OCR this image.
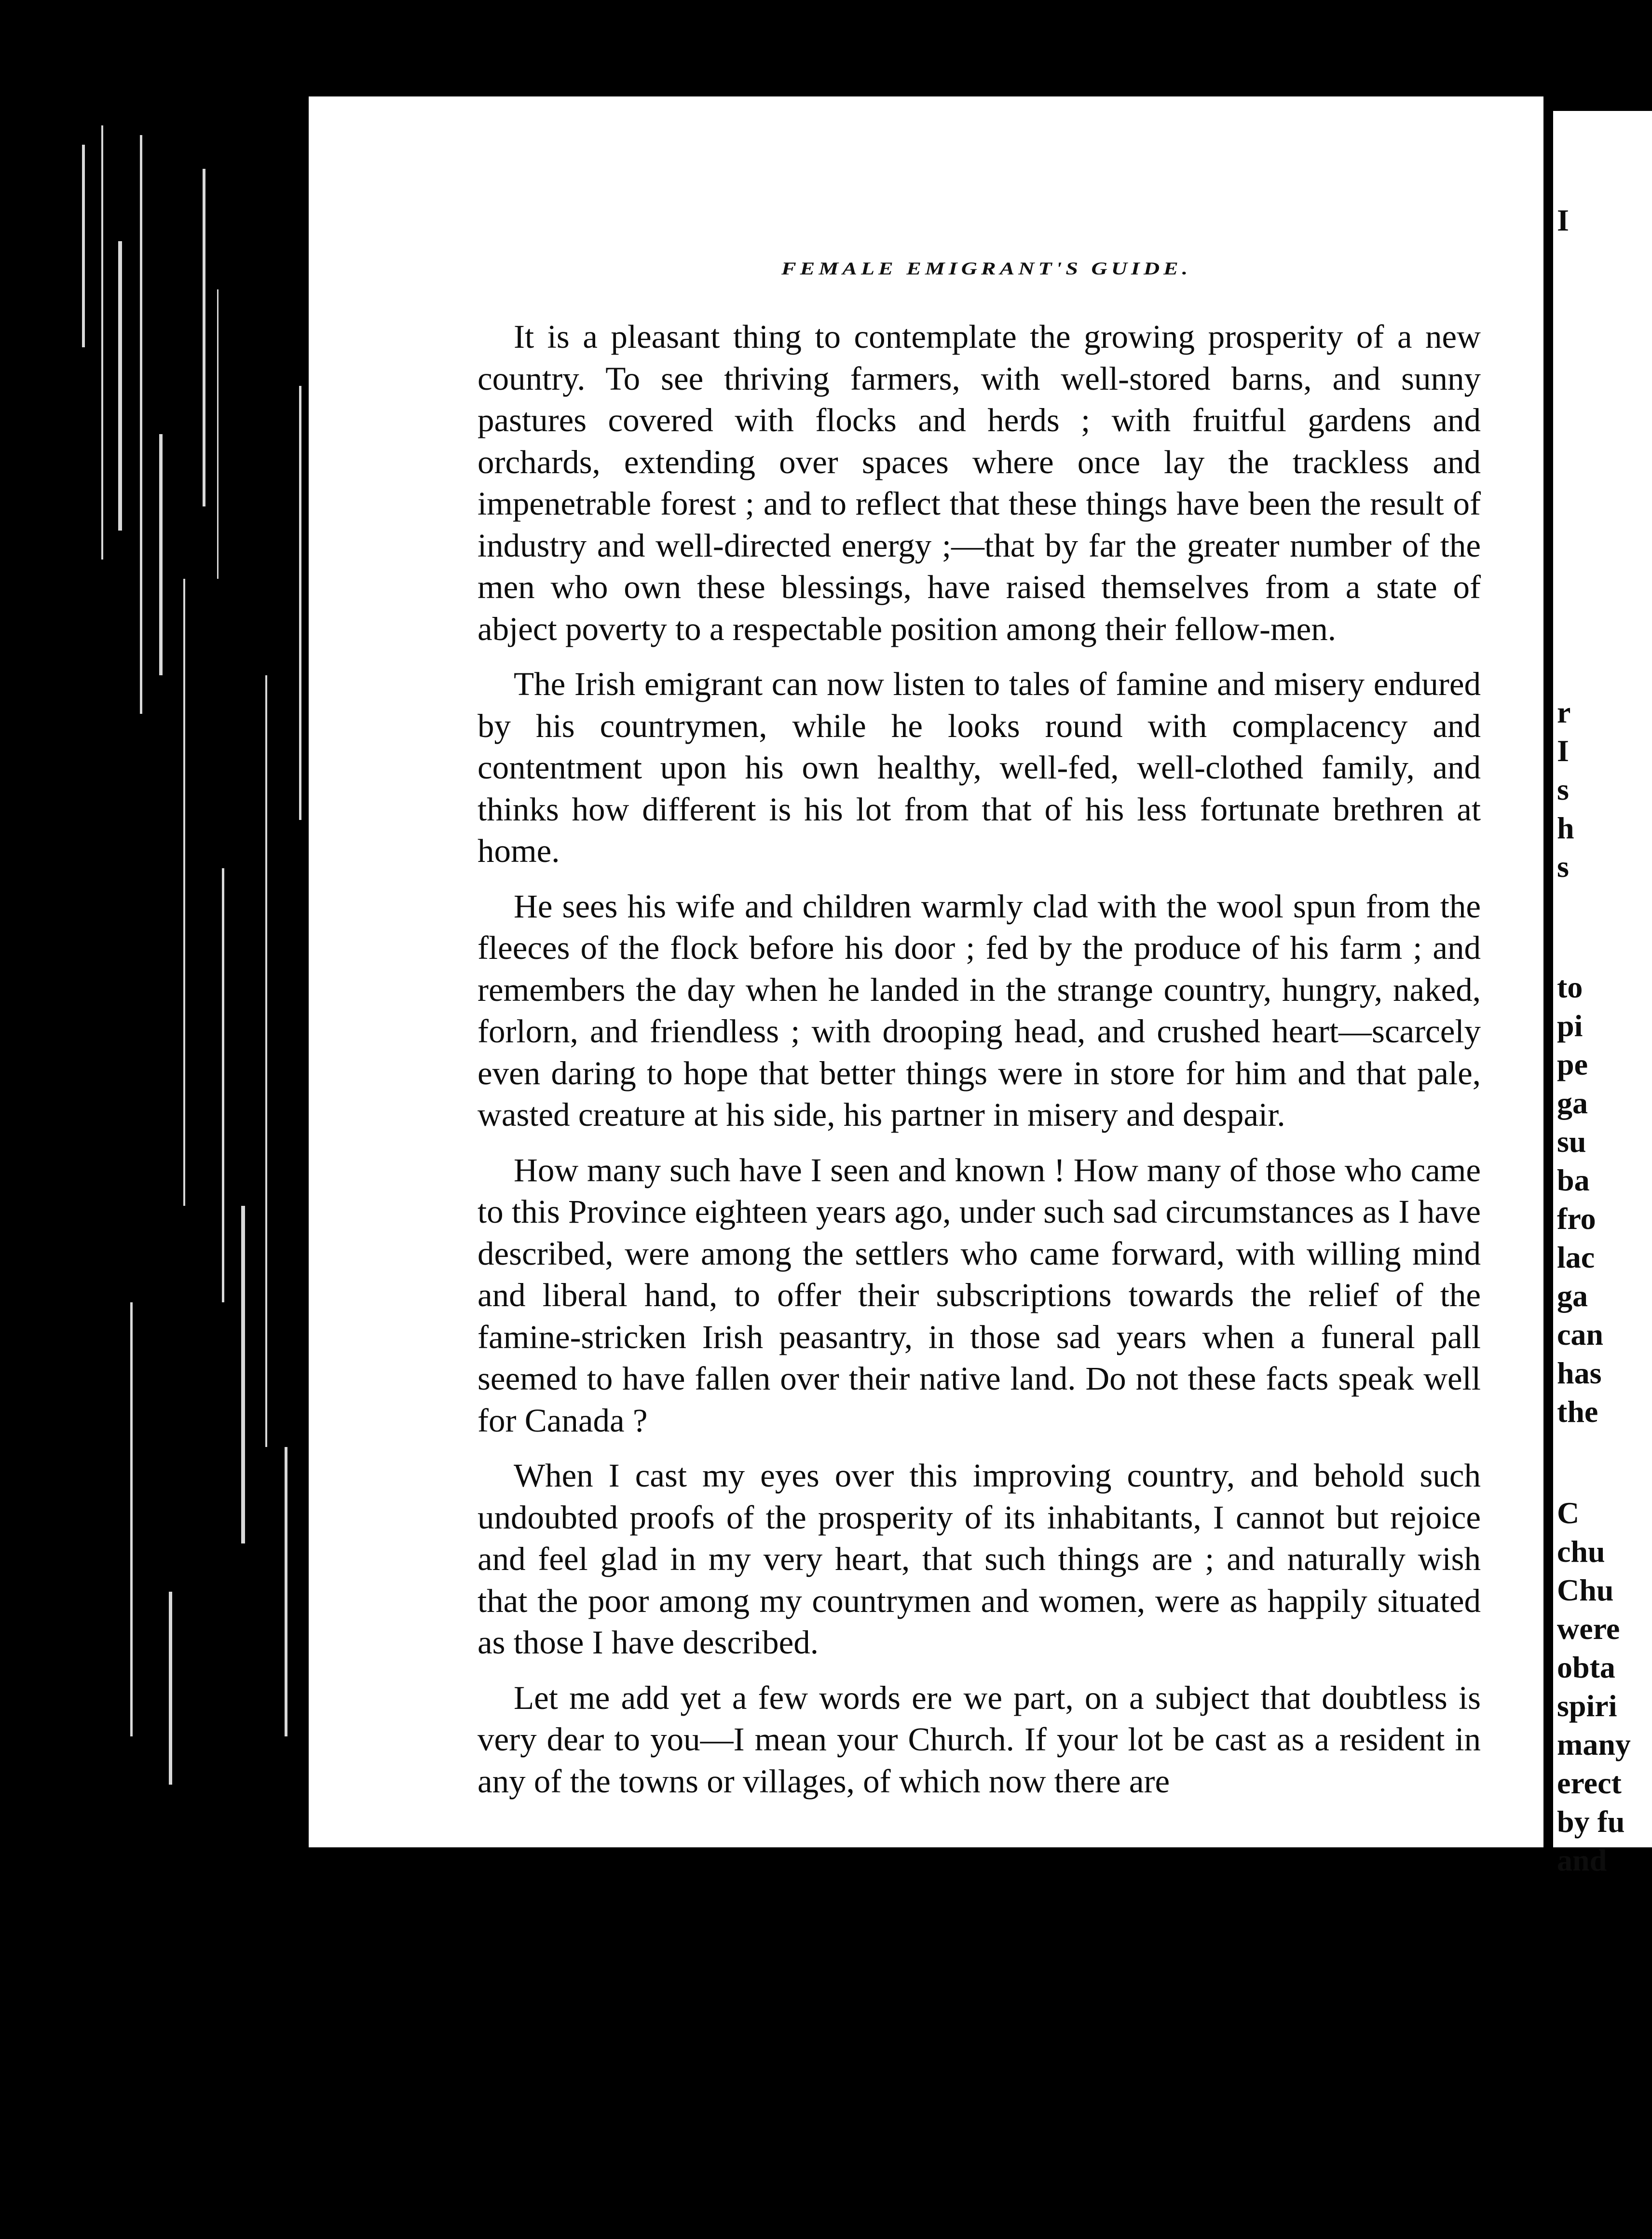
FEMALE EMIGRANT'S GUIDE.

It is a pleasant thing to contemplate the growing prosperity of a new country. To see thriving farmers, with well-stored barns, and sunny pastures covered with flocks and herds ; with fruitful gardens and orchards, extending over spaces where once lay the trackless and impenetrable forest ; and to reflect that these things have been the result of industry and well-directed energy ;—that by far the greater number of the men who own these blessings, have raised themselves from a state of abject poverty to a respectable position among their fellow-men.

The Irish emigrant can now listen to tales of famine and misery endured by his countrymen, while he looks round with complacency and contentment upon his own healthy, well-fed, well-clothed family, and thinks how different is his lot from that of his less fortunate brethren at home.

He sees his wife and children warmly clad with the wool spun from the fleeces of the flock before his door ; fed by the produce of his farm ; and remembers the day when he landed in the strange country, hungry, naked, forlorn, and friendless ; with drooping head, and crushed heart—scarcely even daring to hope that better things were in store for him and that pale, wasted creature at his side, his partner in misery and despair.

How many such have I seen and known ! How many of those who came to this Province eighteen years ago, under such sad circumstances as I have described, were among the settlers who came forward, with willing mind and liberal hand, to offer their subscriptions towards the relief of the famine-stricken Irish peasantry, in those sad years when a funeral pall seemed to have fallen over their native land. Do not these facts speak well for Canada ?

When I cast my eyes over this improving country, and behold such undoubted proofs of the prosperity of its inhabitants, I cannot but rejoice and feel glad in my very heart, that such things are ; and naturally wish that the poor among my countrymen and women, were as happily situated as those I have described.

Let me add yet a few words ere we part, on a subject that doubtless is very dear to you—I mean your Church. If your lot be cast as a resident in any of the towns or villages, of which now there are

I
r
I
s
h
s
to
pi
pe
ga
su
ba
fro
lac
ga
can
has
the
C
chu
Chu
were
obta
spiri
many
erect
by fu
and
